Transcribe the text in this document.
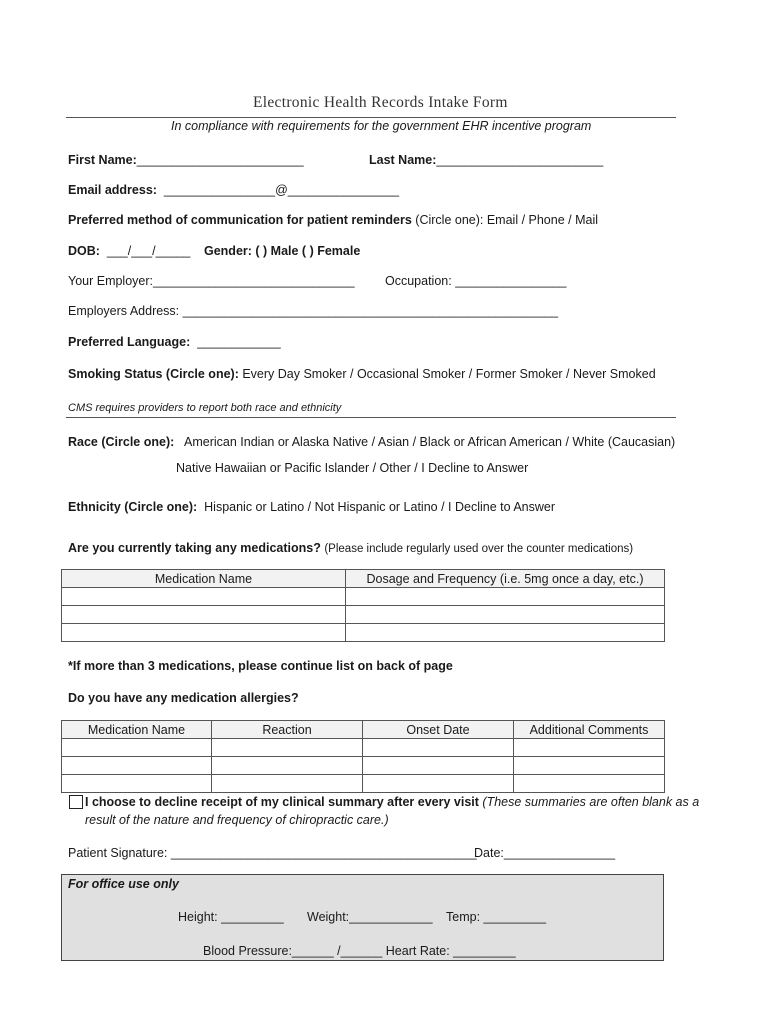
Electronic Health Records Intake Form
In compliance with requirements for the government EHR incentive program
First Name:________________________	Last Name:________________________
Email address: ________________@________________
Preferred method of communication for patient reminders (Circle one): Email / Phone / Mail
DOB: ___/___/_____ Gender: ( ) Male ( ) Female
Your Employer:_____________________________ Occupation: ________________
Employers Address: ______________________________________________________
Preferred Language: ____________
Smoking Status (Circle one): Every Day Smoker / Occasional Smoker / Former Smoker / Never Smoked
CMS requires providers to report both race and ethnicity
Race (Circle one): American Indian or Alaska Native / Asian / Black or African American / White (Caucasian)
Native Hawaiian or Pacific Islander / Other / I Decline to Answer
Ethnicity (Circle one): Hispanic or Latino / Not Hispanic or Latino / I Decline to Answer
Are you currently taking any medications? (Please include regularly used over the counter medications)
Medication Name	Dosage and Frequency (i.e. 5mg once a day, etc.)

*If more than 3 medications, please continue list on back of page
Do you have any medication allergies?
Medication Name	Reaction	Onset Date	Additional Comments

I choose to decline receipt of my clinical summary after every visit (These summaries are often blank as a
result of the nature and frequency of chiropractic care.)
Patient Signature: ____________________________________________
Date:________________
For office use only
Height: _________ Weight:____________ Temp: _________
Blood Pressure:______ /______ Heart Rate: _________
